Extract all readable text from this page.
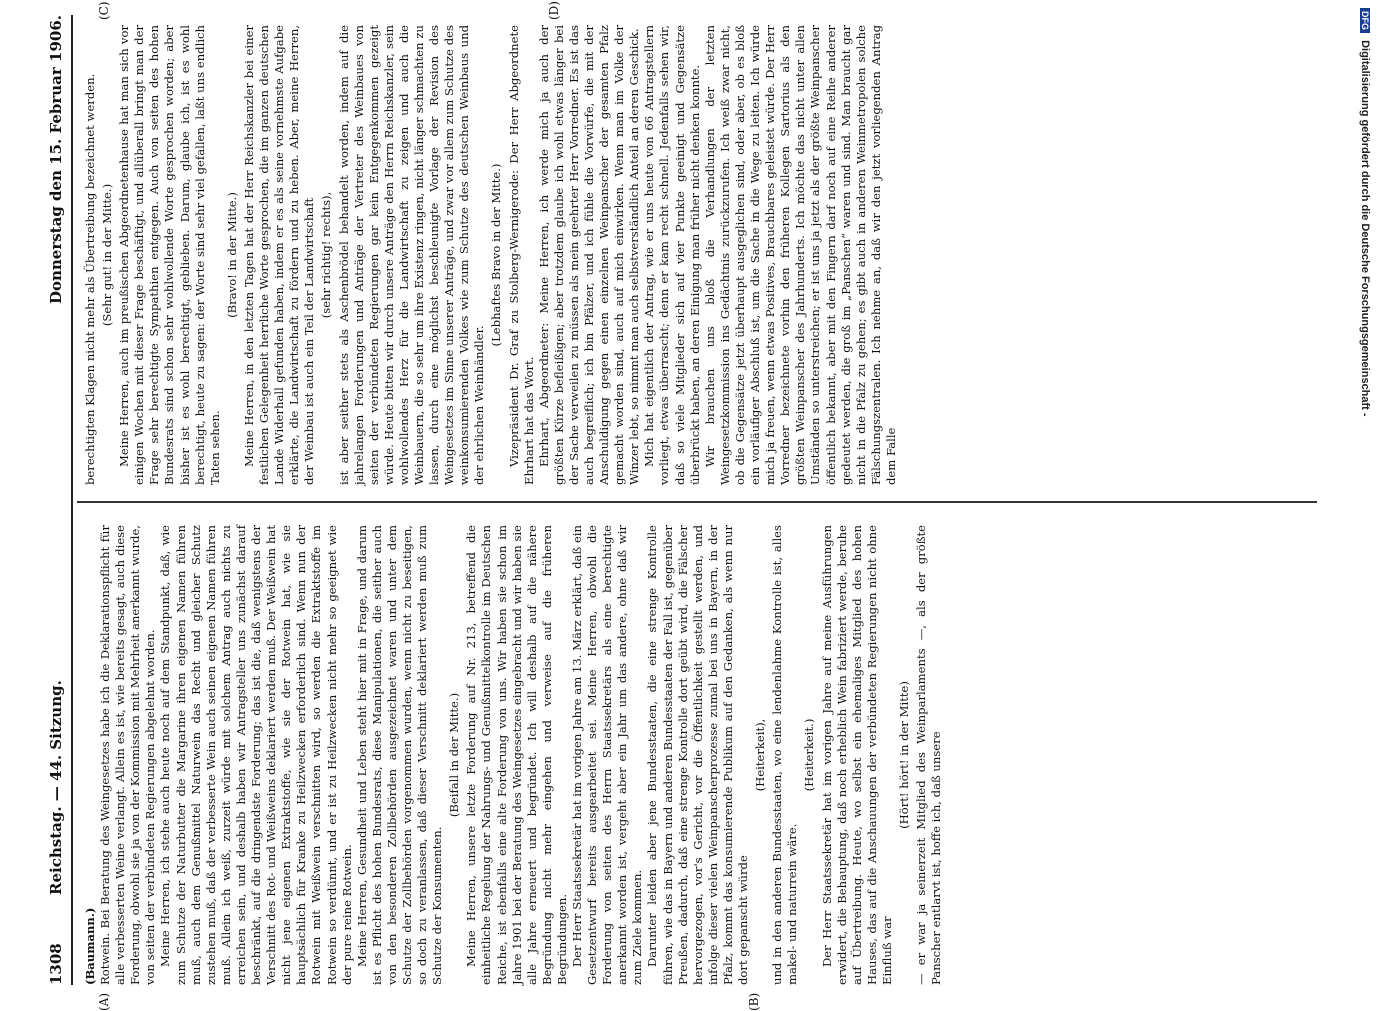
1308
Reichstag. — 44. Sitzung.
Donnerstag den 15. Februar 1906.
(A)	(B)
(C)	(D)

(Baumann.) Rotwein. Bei Beratung des Weingesetzes habe ich die Deklarationspflicht für alle verbesserten Weine verlangt. Allein es ist, wie bereits gesagt, auch diese Forderung, obwohl sie ja von der Kommission mit Mehrheit anerkannt wurde, von seiten der verbündeten Regierungen abgelehnt worden. Meine Herren, ich stehe auch heute noch auf dem Standpunkt, daß, wie zum Schutze der Naturbutter die Margarine ihren eigenen Namen führen muß, auch dem Genußmittel Naturwein das Recht und gleicher Schutz zustehen muß, daß der verbesserte Wein auch seinen eigenen Namen führen muß. Allein ich weiß, zurzeit würde mit solchem Antrag auch nichts zu erreichen sein, und deshalb haben wir Antragsteller uns zunächst darauf beschränkt, auf die dringendste Forderung; das ist die, daß wenigstens der Verschnitt des Rot- und Weißweins deklariert werden muß. Der Weißwein hat nicht jene eigenen Extraktstoffe, wie sie der Rotwein hat, wie sie hauptsächlich für Kranke zu Heilzwecken erforderlich sind. Wenn nun der Rotwein mit Weißwein verschnitten wird, so werden die Extraktstoffe im Rotwein so verdünnt, und er ist zu Heilzwecken nicht mehr so geeignet wie der pure reine Rotwein. Meine Herren, Gesundheit und Leben steht hier mit in Frage, und darum ist es Pflicht des hohen Bundesrats, diese Manipulationen, die seither auch von den besonderen Zollbehörden ausgezeichnet waren und unter dem Schutze der Zollbehörden vorgenommen wurden, wenn nicht zu beseitigen, so doch zu veranlassen, daß dieser Verschnitt deklariert werden muß zum Schutze der Konsumenten.

(Beifall in der Mitte.) Meine Herren, unsere letzte Forderung auf Nr. 213, betreffend die einheitliche Regelung der Nahrungs- und Genußmittelkontrolle im Deutschen Reiche, ist ebenfalls eine alte Forderung von uns. Wir haben sie schon im Jahre 1901 bei der Beratung des Weingesetzes eingebracht und wir haben sie alle Jahre erneuert und begründet. Ich will deshalb auf die nähere Begründung nicht mehr eingehen und verweise auf die früheren Begründungen. Der Herr Staatssekretär hat im vorigen Jahre am 13. März erklärt, daß ein Gesetzentwurf bereits ausgearbeitet sei. Meine Herren, obwohl die Forderung von seiten des Herrn Staatssekretärs als eine berechtigte anerkannt worden ist, vergeht aber ein Jahr um das andere, ohne daß wir zum Ziele kommen. Darunter leiden aber jene Bundesstaaten, die eine strenge Kontrolle führen, wie das in Bayern und anderen Bundesstaaten der Fall ist, gegenüber Preußen, dadurch, daß eine strenge Kontrolle dort geübt wird, die Fälscher hervorgezogen, vor's Gericht, vor die Öffentlichkeit gestellt werden, und infolge dieser vielen Weinpanscherprozesse zumal bei uns in Bayern, in der Pfalz, kommt das konsumierende Publikum auf den Gedanken, als wenn nur dort gepanscht würde

(Heiterkeit), und in den anderen Bundesstaaten, wo eine lendenlahme Kontrolle ist, alles makel- und naturrein wäre.

(Heiterkeit.) Der Herr Staatssekretär hat im vorigen Jahre auf meine Ausführungen erwidert, die Behauptung, daß noch erheblich Wein fabriziert werde, beruhe auf Übertreibung. Heute, wo selbst ein ehemaliges Mitglied des hohen Hauses, das auf die Anschauungen der verbündeten Regierungen nicht ohne Einfluß war

(Hört! hört! in der Mitte) — er war ja seinerzeit Mitglied des Weinparlaments —, als der größte Panscher entlarvt ist, hoffe ich, daß unsere

berechtigten Klagen nicht mehr als Übertreibung bezeichnet werden. (Sehr gut! in der Mitte.) Meine Herren, auch im preußischen Abgeordnetenhause hat man sich vor einigen Wochen mit dieser Frage beschäftigt, und allüberall bringt man der Frage sehr berechtigte Sympathien entgegen. Auch von seiten des hohen Bundesrats sind schon sehr wohlwollende Worte gesprochen worden; aber bisher ist es wohl berechtigt, geblieben. Darum, glaube ich, ist es wohl berechtigt, heute zu sagen: der Worte sind sehr viel gefallen, laßt uns endlich Taten sehen.

(Bravo! in der Mitte.) Meine Herren, in den letzten Tagen hat der Herr Reichskanzler bei einer festlichen Gelegenheit herrliche Worte gesprochen, die im ganzen deutschen Lande Widerhall gefunden haben, indem er es als seine vornehmste Aufgabe erklärte, die Landwirtschaft zu fördern und zu heben. Aber, meine Herren, der Weinbau ist auch ein Teil der Landwirtschaft (sehr richtig! rechts), ist aber seither stets als Aschenbrödel behandelt worden, indem auf die jahrelangen Forderungen und Anträge der Vertreter des Weinbaues von seiten der verbündeten Regierungen gar kein Entgegenkommen gezeigt würde. Heute bitten wir durch unsere Anträge den Herrn Reichskanzler, sein wohlwollendes Herz für die Landwirtschaft zu zeigen und auch die Weinbauern, die so sehr um ihre Existenz ringen, nicht länger schmachten zu lassen, durch eine möglichst beschleunigte Vorlage der Revision des Weingesetzes im Sinne unserer Anträge, und zwar vor allem zum Schutze des weinkonsumierenden Volkes wie zum Schutze des deutschen Weinbaus und der ehrlichen Weinhändler.

(Lebhaftes Bravo in der Mitte.) Vizepräsident Dr. Graf zu Stolberg-Wernigerode: Der Herr Abgeordnete Ehrhart hat das Wort. Ehrhart, Abgeordneter: Meine Herren, ich werde mich ja auch der größten Kürze befleißigen; aber trotzdem glaube ich wohl etwas länger bei der Sache verweilen zu müssen als mein geehrter Herr Vorredner. Es ist das auch begreiflich; ich bin Pfälzer, und ich fühle die Vorwürfe, die mit der Anschuldigung gegen einen einzelnen Weinpanscher der gesamten Pfalz gemacht worden sind, auch auf mich einwirken. Wenn man im Volke der Winzer lebt, so nimmt man auch selbstverständlich Anteil an deren Geschick. Mich hat eigentlich der Antrag, wie er uns heute von 66 Antragstellern vorliegt, etwas überrascht; denn er kam recht schnell. Jedenfalls sehen wir, daß so viele Mitglieder sich auf vier Punkte geeinigt und Gegensätze überbrückt haben, an deren Einigung man früher nicht denken konnte. Wir brauchen uns bloß die Verhandlungen der letzten Weingesetzkommission ins Gedächtnis zurückzurufen. Ich weiß zwar nicht, ob die Gegensätze jetzt überhaupt ausgeglichen sind, oder aber, ob es bloß ein vorläufiger Abschluß ist, um die Sache in die Wege zu leiten. Ich würde mich ja freuen, wenn etwas Positives, Brauchbares geleistet würde. Der Herr Vorredner bezeichnete vorhin den früheren Kollegen Sartorius als den größten Weinpanscher des Jahrhunderts. Ich möchte das nicht unter allen Umständen so unterstreichen; er ist uns ja jetzt als der größte Weinpanscher öffentlich bekannt, aber mit den Fingern darf noch auf eine Reihe anderer gedeutet werden, die groß im „Panschen“ waren und sind. Man braucht gar nicht in die Pfalz zu gehen; es gibt auch in anderen Weinmetropolen solche Fälschungszentralen. Ich nehme an, daß wir den jetzt vorliegenden Antrag dem Falle

DFG Digitalisierung gefördert durch die Deutsche Forschungsgemeinschaft -
